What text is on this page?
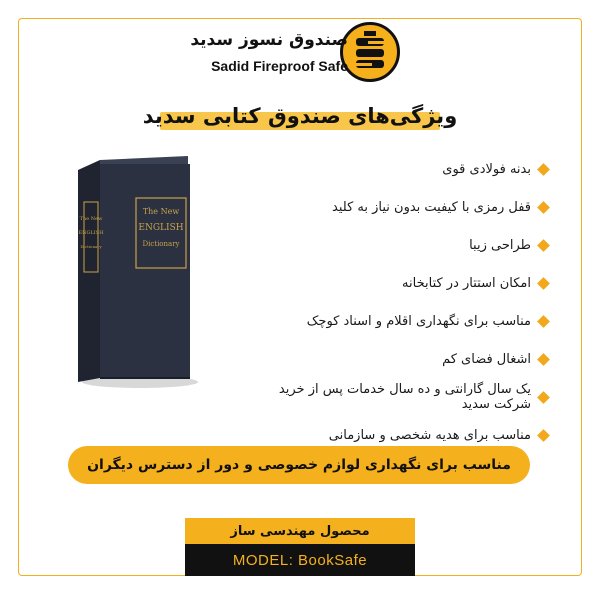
صندوق نسوز سدید
Sadid Fireproof Safe
ویژگی‌های صندوق کتابی سدید
The New
ENGLISH
Dictionary
The New
ENGLISH
Dictionary
بدنه فولادی قوی
قفل رمزی با کیفیت بدون نیاز به کلید
طراحی زیبا
امکان استتار در کتابخانه
مناسب برای نگهداری اقلام و اسناد کوچک
اشغال فضای کم
یک سال گارانتی و ده سال خدمات پس از خرید شرکت سدید
مناسب برای هدیه شخصی و سازمانی
مناسب برای نگهداری لوازم خصوصی و دور از دسترس دیگران
محصول مهندسی ساز
MODEL: BookSafe
